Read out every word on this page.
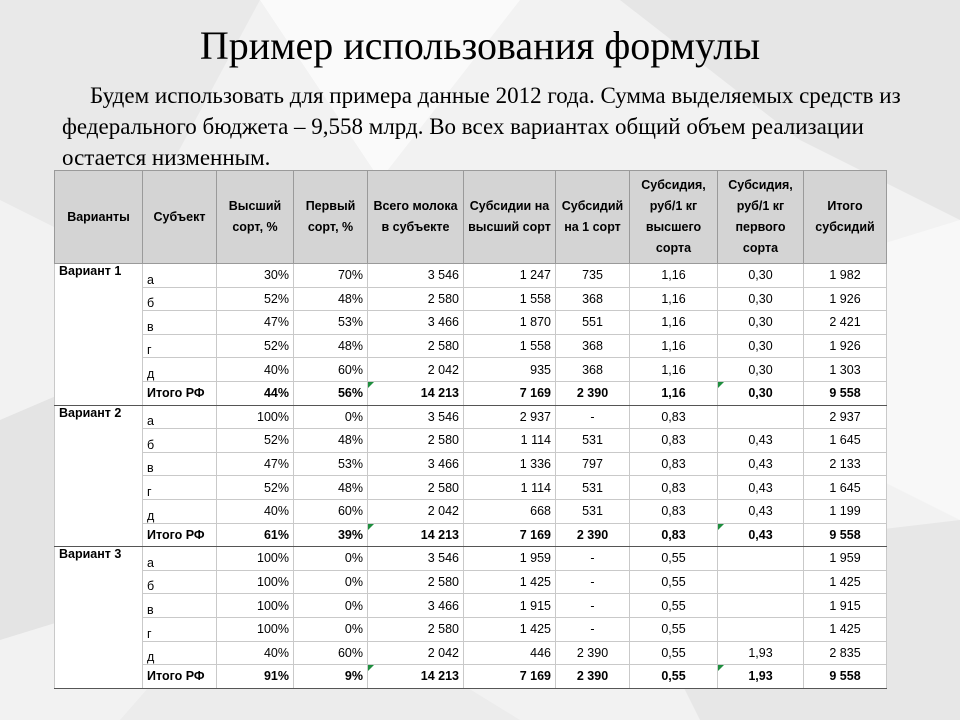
Пример использования формулы

Будем использовать для примера данные 2012 года. Сумма выделяемых средств из федерального бюджета – 9,558 млрд. Во всех вариантах общий объем реализации остается низменным.

Варианты	Субъект	Высший сорт, %	Первый сорт, %	Всего молока в субъекте	Субсидии на высший сорт	Субсидий на 1 сорт	Субсидия, руб/1 кг высшего сорта	Субсидия, руб/1 кг первого сорта	Итого субсидий
Вариант 1	а	30%	70%	3 546	1 247	735	1,16	0,30	1 982
	б	52%	48%	2 580	1 558	368	1,16	0,30	1 926
	в	47%	53%	3 466	1 870	551	1,16	0,30	2 421
	г	52%	48%	2 580	1 558	368	1,16	0,30	1 926
	д	40%	60%	2 042	935	368	1,16	0,30	1 303
	Итого РФ	44%	56%	14 213	7 169	2 390	1,16	0,30	9 558
Вариант 2	а	100%	0%	3 546	2 937	-	0,83		2 937
	б	52%	48%	2 580	1 114	531	0,83	0,43	1 645
	в	47%	53%	3 466	1 336	797	0,83	0,43	2 133
	г	52%	48%	2 580	1 114	531	0,83	0,43	1 645
	д	40%	60%	2 042	668	531	0,83	0,43	1 199
	Итого РФ	61%	39%	14 213	7 169	2 390	0,83	0,43	9 558
Вариант 3	а	100%	0%	3 546	1 959	-	0,55		1 959
	б	100%	0%	2 580	1 425	-	0,55		1 425
	в	100%	0%	3 466	1 915	-	0,55		1 915
	г	100%	0%	2 580	1 425	-	0,55		1 425
	д	40%	60%	2 042	446	2 390	0,55	1,93	2 835
	Итого РФ	91%	9%	14 213	7 169	2 390	0,55	1,93	9 558
